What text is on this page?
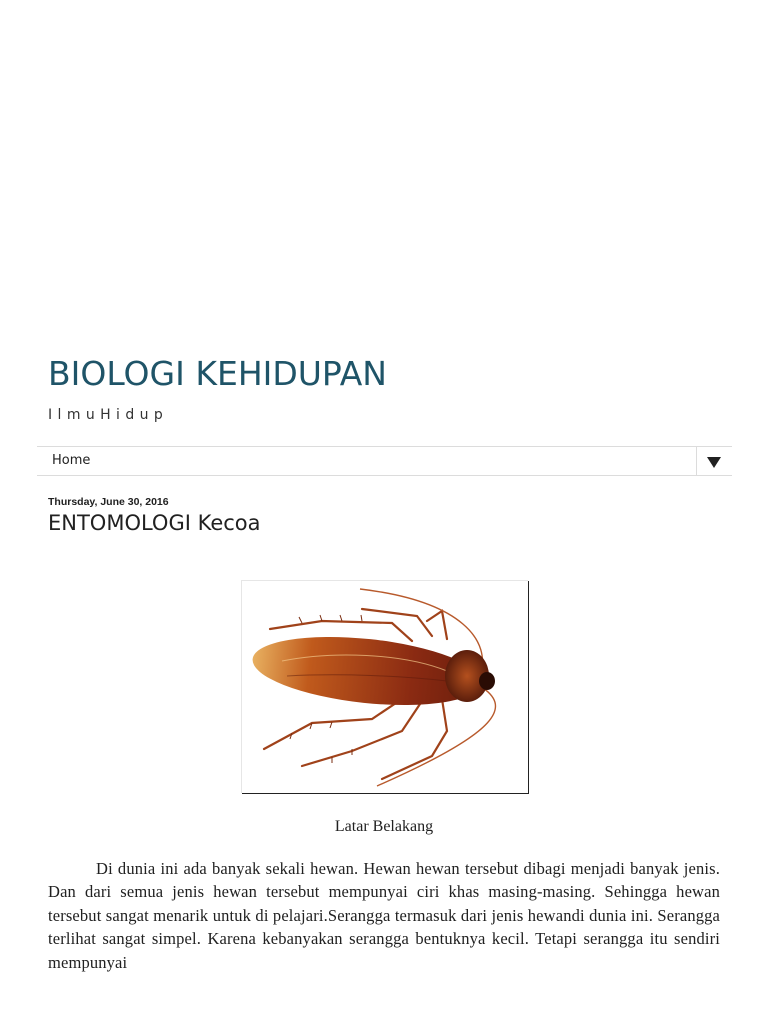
BIOLOGI KEHIDUPAN

IlmuHidup

Home

Thursday, June 30, 2016

ENTOMOLOGI Kecoa

Latar Belakang

Di dunia ini ada banyak sekali hewan. Hewan hewan tersebut dibagi menjadi banyak jenis. Dan dari semua jenis hewan tersebut mempunyai ciri khas masing-masing. Sehingga hewan tersebut sangat menarik untuk di pelajari.Serangga termasuk dari jenis hewandi dunia ini. Serangga terlihat sangat simpel. Karena kebanyakan serangga bentuknya kecil. Tetapi serangga itu sendiri mempunyai
